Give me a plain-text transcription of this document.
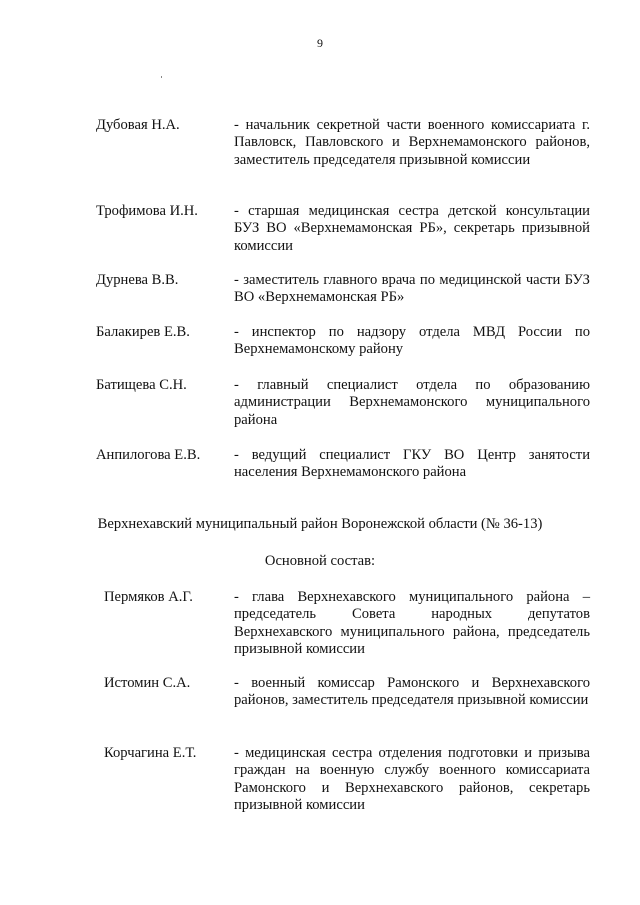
9
Дубовая Н.А.	- начальник секретной части военного комиссариата г. Павловск, Павловского и Верхнемамонского районов, заместитель председателя призывной комиссии
Трофимова И.Н. - старшая медицинская сестра детской консультации БУЗ ВО «Верхнемамонская РБ», секретарь призывной комиссии
Дурнева В.В.	- заместитель главного врача по медицинской части БУЗ ВО «Верхнемамонская РБ»
Балакирев Е.В.	- инспектор по надзору отдела МВД России по Верхнемамонскому району
Батищева С.Н.	- главный специалист отдела по образованию администрации Верхнемамонского муниципального района
Анпилогова Е.В. - ведущий специалист ГКУ ВО Центр занятости населения Верхнемамонского района
Верхнехавский муниципальный район Воронежской области (№ 36-13)
Основной состав:
Пермяков А.Г.	- глава Верхнехавского муниципального района – председатель Совета народных депутатов Верхнехавского муниципального района, председатель призывной комиссии
Истомин С.А.	- военный комиссар Рамонского и Верхнехавского районов, заместитель председателя призывной комиссии
Корчагина Е.Т.	- медицинская сестра отделения подготовки и призыва граждан на военную службу военного комиссариата Рамонского и Верхнехавского районов, секретарь призывной комиссии
